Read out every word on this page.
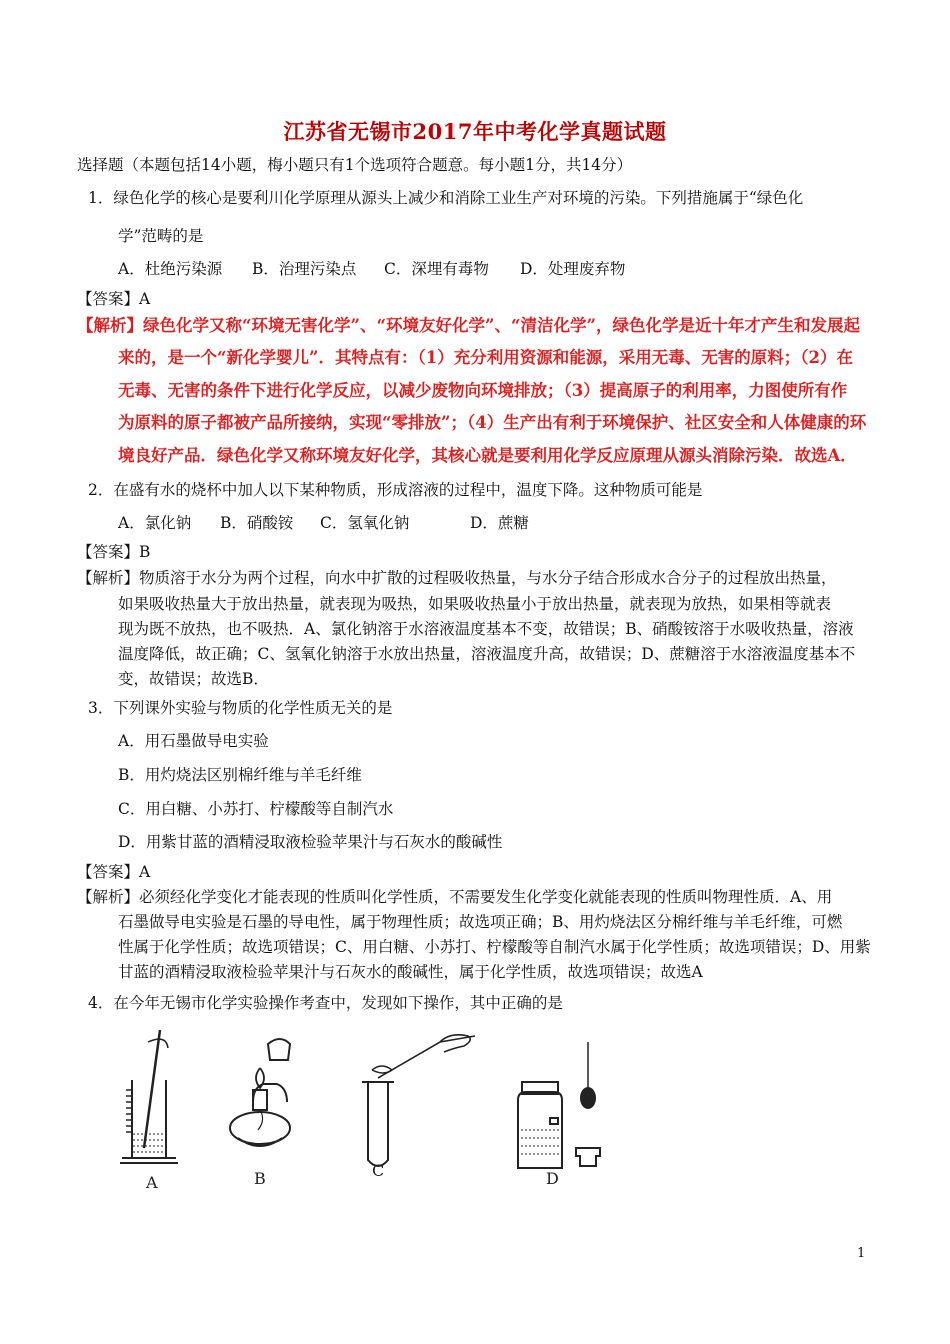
江苏省无锡市2017年中考化学真题试题
选择题（本题包括14小题，梅小题只有1个选项符合题意。每小题1分，共14分）
1．绿色化学的核心是要利川化学原理从源头上减少和消除工业生产对环境的污染。下列措施属于“绿色化
学”范畴的是
A．杜绝污染源 B．治理污染点 C．深埋有毒物 D．处理废弃物
【答案】A
【解析】绿色化学又称“环境无害化学”、“环境友好化学”、“清洁化学”，绿色化学是近十年才产生和发展起
来的，是一个“新化学婴儿”．其特点有：（1）充分利用资源和能源，采用无毒、无害的原料；（2）在
无毒、无害的条件下进行化学反应，以减少废物向环境排放；（3）提高原子的利用率，力图使所有作
为原料的原子都被产品所接纳，实现“零排放”；（4）生产出有利于环境保护、社区安全和人体健康的环
境良好产品．绿色化学又称环境友好化学，其核心就是要利用化学反应原理从源头消除污染．故选A．
2．在盛有水的烧杯中加人以下某种物质，形成溶液的过程中，温度下降。这种物质可能是
A．氯化钠 B．硝酸铵 C．氢氧化钠	D．蔗糖
【答案】B
【解析】物质溶于水分为两个过程，向水中扩散的过程吸收热量，与水分子结合形成水合分子的过程放出热量，
如果吸收热量大于放出热量，就表现为吸热，如果吸收热量小于放出热量，就表现为放热，如果相等就表
现为既不放热，也不吸热．A、氯化钠溶于水溶液温度基本不变，故错误；B、硝酸铵溶于水吸收热量，溶液
温度降低，故正确；C、氢氧化钠溶于水放出热量，溶液温度升高，故错误；D、蔗糖溶于水溶液温度基本不
变，故错误；故选B．
3．下列课外实验与物质的化学性质无关的是
A．用石墨做导电实验
B．用灼烧法区别棉纤维与羊毛纤维
C．用白糖、小苏打、柠檬酸等自制汽水
D．用紫甘蓝的酒精浸取液检验苹果汁与石灰水的酸碱性
【答案】A
【解析】必须经化学变化才能表现的性质叫化学性质，不需要发生化学变化就能表现的性质叫物理性质．A、用
石墨做导电实验是石墨的导电性，属于物理性质；故选项正确；B、用灼烧法区分棉纤维与羊毛纤维，可燃
性属于化学性质；故选项错误；C、用白糖、小苏打、柠檬酸等自制汽水属于化学性质；故选项错误；D、用紫
甘蓝的酒精浸取液检验苹果汁与石灰水的酸碱性，属于化学性质，故选项错误；故选A
4．在今年无锡市化学实验操作考查中，发现如下操作，其中正确的是
A	B	C	D
1
